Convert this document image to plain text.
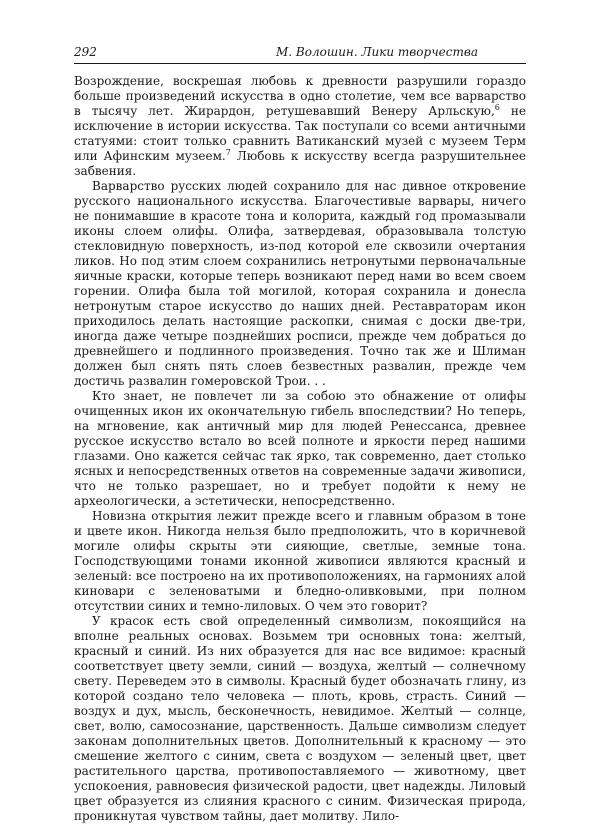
292	М. Волошин. Лики творчества

Возрождение, воскрешая любовь к древности разрушили гораздо больше произведений искусства в одно столетие, чем все варварство в тысячу лет. Жирардон, ретушевавший Венеру Арльскую,$^6$ не исключение в истории искусства. Так поступали со всеми античными статуями: стоит только сравнить Ватиканский музей с музеем Терм или Афинским музеем.$^7$ Любовь к искусству всегда разрушительнее забвения.

Варварство русских людей сохранило для нас дивное откровение русского национального искусства. Благочестивые варвары, ничего не понимавшие в красоте тона и колорита, каждый год промазывали иконы слоем олифы. Олифа, затвердевая, образовывала толстую стекловидную поверхность, из-под которой еле сквозили очертания ликов. Но под этим слоем сохранились нетронутыми первоначальные яичные краски, которые теперь возникают перед нами во всем своем горении. Олифа была той могилой, которая сохранила и донесла нетронутым старое искусство до наших дней. Реставраторам икон приходилось делать настоящие раскопки, снимая с доски две-три, иногда даже четыре позднейших росписи, прежде чем добраться до древнейшего и подлинного произведения. Точно так же и Шлиман должен был снять пять слоев безвестных развалин, прежде чем достичь развалин гомеровской Трои. . .

Кто знает, не повлечет ли за собою это обнажение от олифы очищенных икон их окончательную гибель впоследствии? Но теперь, на мгновение, как античный мир для людей Ренессанса, древнее русское искусство встало во всей полноте и яркости перед нашими глазами. Оно кажется сейчас так ярко, так современно, дает столько ясных и непосредственных ответов на современные задачи живописи, что не только разрешает, но и требует подойти к нему не археологически, а эстетически, непосредственно.

Новизна открытия лежит прежде всего и главным образом в тоне и цвете икон. Никогда нельзя было предположить, что в коричневой могиле олифы скрыты эти сияющие, светлые, земные тона. Господствующими тонами иконной живописи являются красный и зеленый: все построено на их противоположениях, на гармониях алой киновари с зеленоватыми и бледно-оливковыми, при полном отсутствии синих и темно-лиловых. О чем это говорит?

У красок есть свой определенный символизм, покоящийся на вполне реальных основах. Возьмем три основных тона: желтый, красный и синий. Из них образуется для нас все видимое: красный соответствует цвету земли, синий — воздуха, желтый — солнечному свету. Переведем это в символы. Красный будет обозначать глину, из которой создано тело человека — плоть, кровь, страсть. Синий — воздух и дух, мысль, бесконечность, невидимое. Желтый — солнце, свет, волю, самосознание, царственность. Дальше символизм следует законам дополнительных цветов. Дополнительный к красному — это смешение желтого с синим, света с воздухом — зеленый цвет, цвет растительного царства, противопоставляемого — животному, цвет успокоения, равновесия физической радости, цвет надежды. Лиловый цвет образуется из слияния красного с синим. Физическая природа, проникнутая чувством тайны, дает молитву. Лило-
